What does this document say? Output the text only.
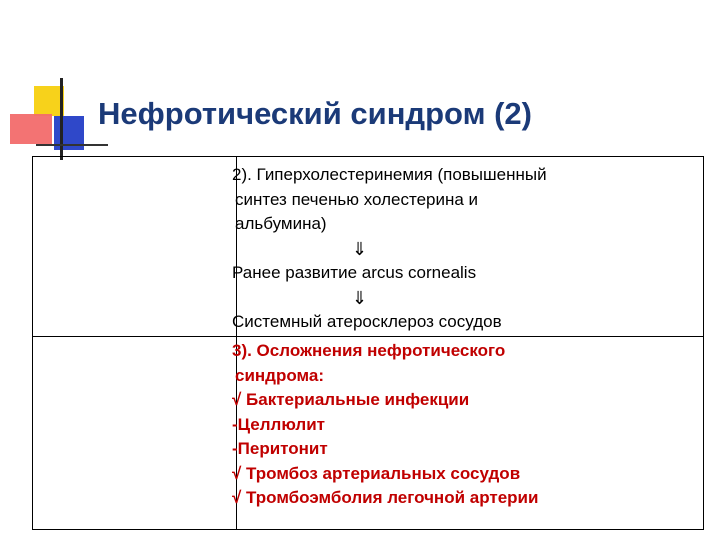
Нефротический синдром (2)

2). Гиперхолестеринемия (повышенный

синтез печенью холестерина и

альбумина)

⇓

Ранее развитие arcus cornealis

⇓

Системный атеросклероз сосудов

3). Осложнения нефротического

синдрома:

√ Бактериальные инфекции

-Целлюлит

-Перитонит

√ Тромбоз артериальных сосудов

√ Тромбоэмболия легочной артерии
